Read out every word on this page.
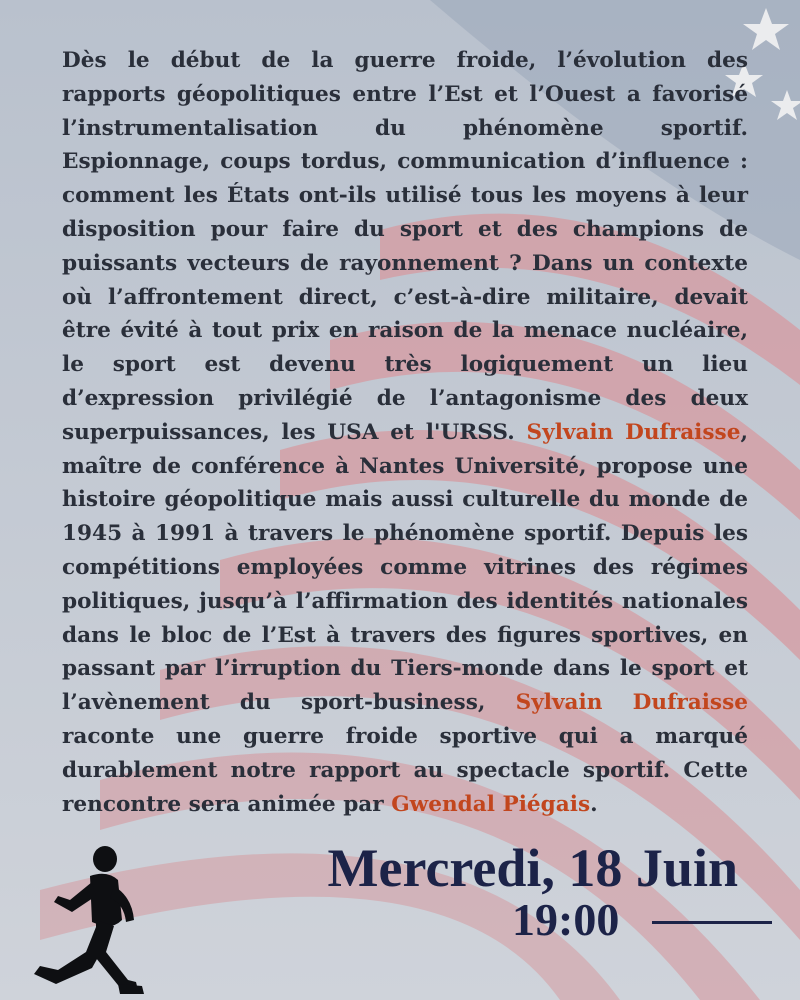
Dès le début de la guerre froide, l’évolution des rapports géopolitiques entre l’Est et l’Ouest a favorisé l’instrumentalisation du phénomène sportif. Espionnage, coups tordus, communication d’influence : comment les États ont-ils utilisé tous les moyens à leur disposition pour faire du sport et des champions de puissants vecteurs de rayonnement ? Dans un contexte où l’affrontement direct, c’est-à-dire militaire, devait être évité à tout prix en raison de la menace nucléaire, le sport est devenu très logiquement un lieu d’expression privilégié de l’antagonisme des deux superpuissances, les USA et l'URSS. Sylvain Dufraisse, maître de conférence à Nantes Université, propose une histoire géopolitique mais aussi culturelle du monde de 1945 à 1991 à travers le phénomène sportif. Depuis les compétitions employées comme vitrines des régimes politiques, jusqu’à l’affirmation des identités nationales dans le bloc de l’Est à travers des figures sportives, en passant par l’irruption du Tiers-monde dans le sport et l’avènement du sport-business, Sylvain Dufraisse raconte une guerre froide sportive qui a marqué durablement notre rapport au spectacle sportif. Cette rencontre sera animée par Gwendal Piégais.

Mercredi, 18 Juin
19:00
